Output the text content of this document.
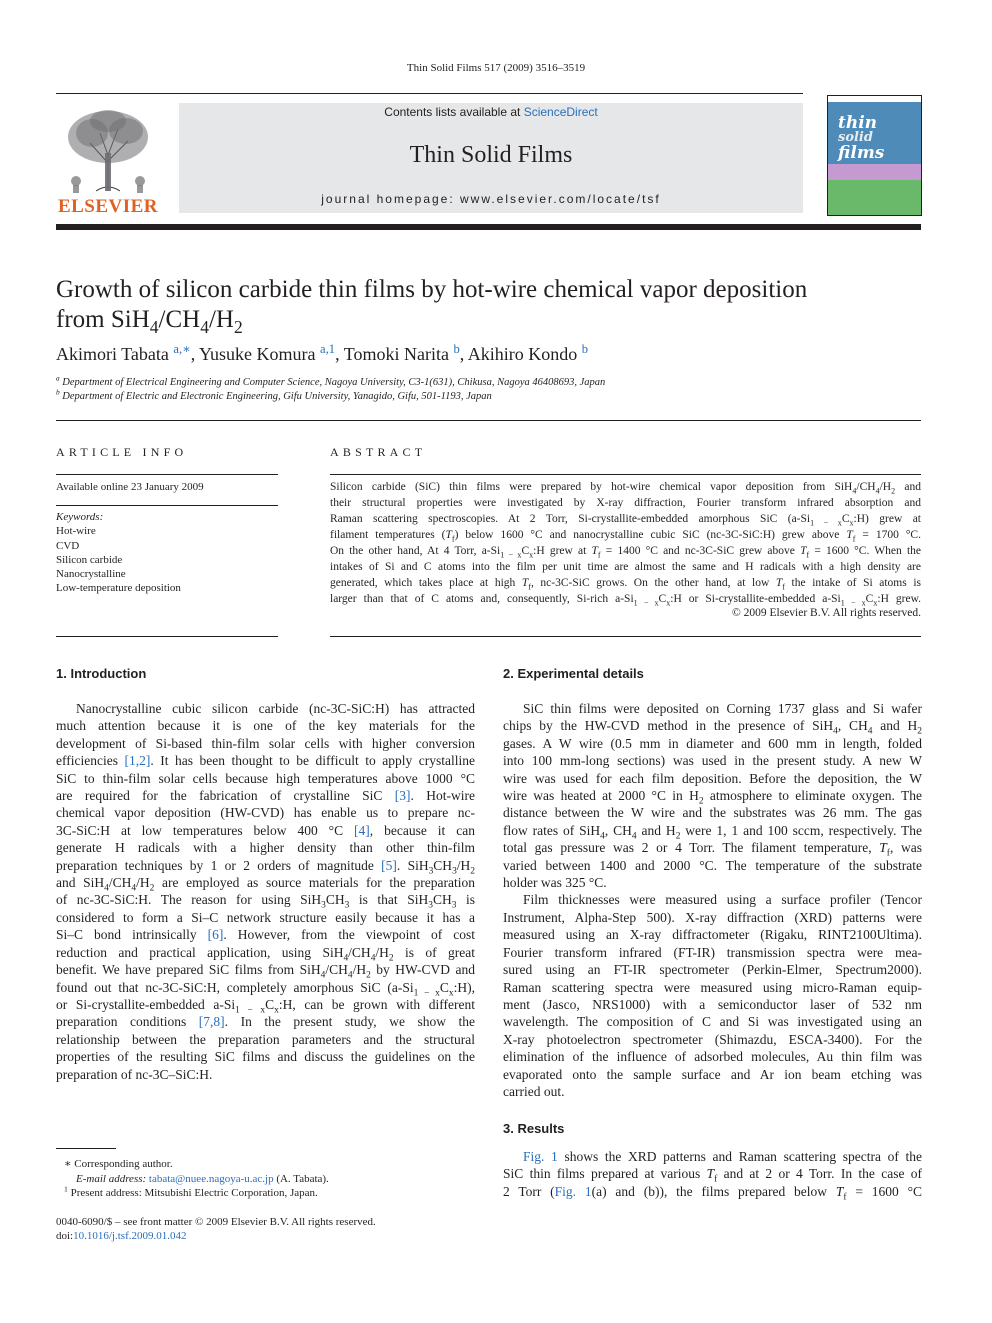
Thin Solid Films 517 (2009) 3516–3519
ELSEVIER
Contents lists available at ScienceDirect
Thin Solid Films
journal homepage: www.elsevier.com/locate/tsf
thin
solid
films
Growth of silicon carbide thin films by hot-wire chemical vapor deposition
from $SiH_4/CH_4/H_2$
Akimori Tabata $^{a,∗}$, Yusuke Komura $^{a,1}$, Tomoki Narita $^b$, Akihiro Kondo $^b$
$^a$ Department of Electrical Engineering and Computer Science, Nagoya University, C3-1(631), Chikusa, Nagoya 46408693, Japan
$^b$ Department of Electric and Electronic Engineering, Gifu University, Yanagido, Gifu, 501-1193, Japan
ARTICLE INFO
Available online 23 January 2009
Keywords:
Hot-wire
CVD
Silicon carbide
Nanocrystalline
Low-temperature deposition
ABSTRACT
Silicon carbide (SiC) thin films were prepared by hot-wire chemical vapor deposition from $SiH_4/CH_4/H_2$ and
their structural properties were investigated by X-ray diffraction, Fourier transform infrared absorption and
Raman scattering spectroscopies. At 2 Torr, Si-crystallite-embedded amorphous SiC $(a-Si_{1 - x}C_x:H)$ grew at
filament temperatures $(T_f)$ below 1600 °C and nanocrystalline cubic SiC (nc-3C-SiC:H) grew above $T_f = 1700$ °C.
On the other hand, At 4 Torr, $a-Si_{1 - x}C_x:H$ grew at $T_f = 1400$ °C and nc-3C-SiC grew above $T_f = 1600$ °C. When the
intakes of Si and C atoms into the film per unit time are almost the same and H radicals with a high density are
generated, which takes place at high $T_f$, nc-3C-SiC grows. On the other hand, at low $T_f$ the intake of Si atoms is
larger than that of C atoms and, consequently, Si-rich $a-Si_{1 - x}C_x:H$ or Si-crystallite-embedded $a-Si_{1 - x}C_x:H$ grew.
© 2009 Elsevier B.V. All rights reserved.
1. Introduction
Nanocrystalline cubic silicon carbide (nc-3C-SiC:H) has attracted
much attention because it is one of the key materials for the
development of Si-based thin-film solar cells with higher conversion
efficiencies [1,2]. It has been thought to be difficult to apply crystalline
SiC to thin-film solar cells because high temperatures above 1000 °C
are required for the fabrication of crystalline SiC [3]. Hot-wire
chemical vapor deposition (HW-CVD) has enable us to prepare nc-
3C-SiC:H at low temperatures below 400 °C [4], because it can
generate H radicals with a higher density than other thin-film
preparation techniques by 1 or 2 orders of magnitude [5]. $SiH_3CH_3/H_2$
and $SiH_4/CH_4/H_2$ are employed as source materials for the preparation
of nc-3C-SiC:H. The reason for using $SiH_3CH_3$ is that $SiH_3CH_3$ is
considered to form a Si–C network structure easily because it has a
Si–C bond intrinsically [6]. However, from the viewpoint of cost
reduction and practical application, using $SiH_4/CH_4/H_2$ is of great
benefit. We have prepared SiC films from $SiH_4/CH_4/H_2$ by HW-CVD and
found out that nc-3C-SiC:H, completely amorphous SiC $(a-Si_{1 - x}C_x:H)$,
or Si-crystallite-embedded $a-Si_{1 - x}C_x:H$, can be grown with different
preparation conditions [7,8]. In the present study, we show the
relationship between the preparation parameters and the structural
properties of the resulting SiC films and discuss the guidelines on the
preparation of nc-3C–SiC:H.
∗ Corresponding author.
E-mail address: tabata@nuee.nagoya-u.ac.jp (A. Tabata).
$^1$ Present address: Mitsubishi Electric Corporation, Japan.
0040-6090/$ – see front matter © 2009 Elsevier B.V. All rights reserved.
doi:10.1016/j.tsf.2009.01.042
2. Experimental details
SiC thin films were deposited on Corning 1737 glass and Si wafer
chips by the HW-CVD method in the presence of SiH$_4$, $CH_4$ and $H_2$
gases. A W wire (0.5 mm in diameter and 600 mm in length, folded
into 100 mm-long sections) was used in the present study. A new W
wire was used for each film deposition. Before the deposition, the W
wire was heated at 2000 °C in $H_2$ atmosphere to eliminate oxygen. The
distance between the W wire and the substrates was 26 mm. The gas
flow rates of SiH$_4$, $CH_4$ and $H_2$ were 1, 1 and 100 sccm, respectively. The
total gas pressure was 2 or 4 Torr. The filament temperature, $T_f$, was
varied between 1400 and 2000 °C. The temperature of the substrate
holder was 325 °C.
Film thicknesses were measured using a surface profiler (Tencor
Instrument, Alpha-Step 500). X-ray diffraction (XRD) patterns were
measured using an X-ray diffractometer (Rigaku, RINT2100Ultima).
Fourier transform infrared (FT-IR) transmission spectra were mea-
sured using an FT-IR spectrometer (Perkin-Elmer, Spectrum2000).
Raman scattering spectra were measured using micro-Raman equip-
ment (Jasco, NRS1000) with a semiconductor laser of 532 nm
wavelength. The composition of C and Si was investigated using an
X-ray photoelectron spectrometer (Shimazdu, ESCA-3400). For the
elimination of the influence of adsorbed molecules, Au thin film was
evaporated onto the sample surface and Ar ion beam etching was
carried out.
3. Results
Fig. 1 shows the XRD patterns and Raman scattering spectra of the
SiC thin films prepared at various $T_f$ and at 2 or 4 Torr. In the case of
2 Torr (Fig. 1(a) and (b)), the films prepared below $T_f = 1600$ °C
